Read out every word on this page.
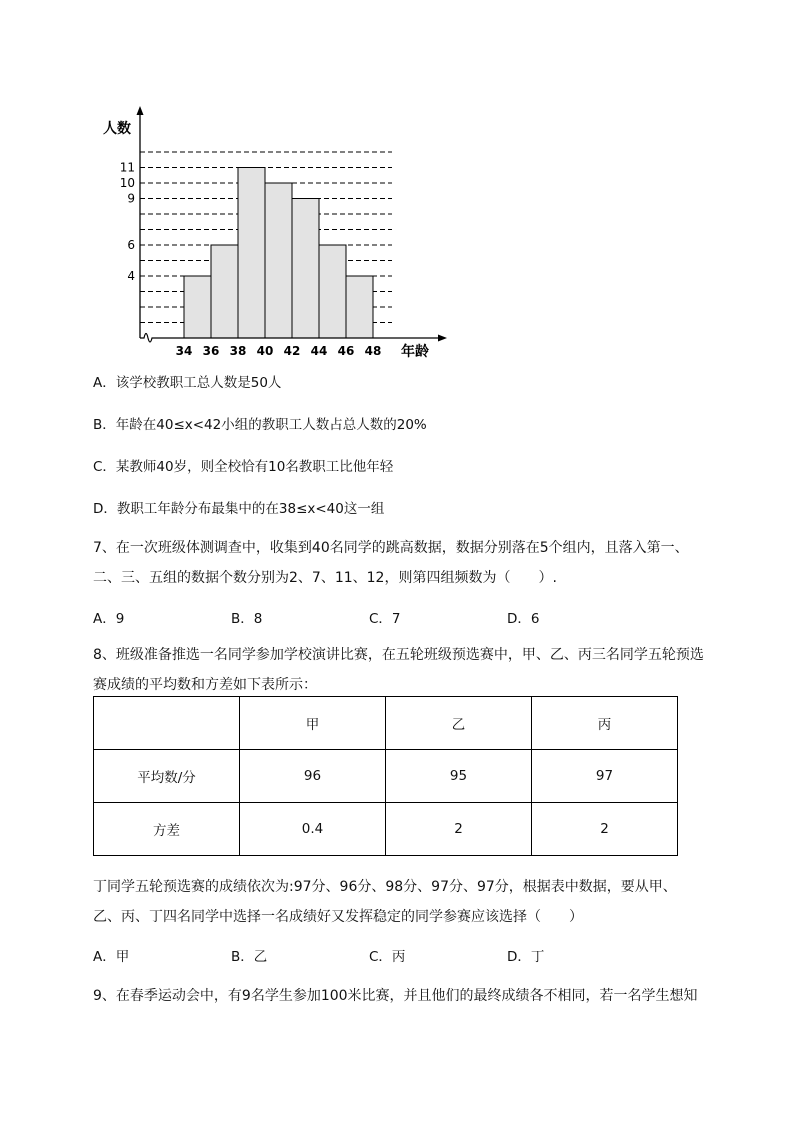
4
6
9
10
11
34 36 38 40 42 44 46 48
人数
年龄
A．该学校教职工总人数是50人
B．年龄在40≤x<42小组的教职工人数占总人数的20%
C．某教师40岁，则全校恰有10名教职工比他年轻
D．教职工年龄分布最集中的在38≤x<40这一组
7、在一次班级体测调查中，收集到40名同学的跳高数据，数据分别落在5个组内，且落入第一、
二、三、五组的数据个数分别为2、7、11、12，则第四组频数为（　　）.
A．9	B．8	C．7	D．6
8、班级准备推选一名同学参加学校演讲比赛，在五轮班级预选赛中，甲、乙、丙三名同学五轮预选
赛成绩的平均数和方差如下表所示：
	甲	乙	丙
平均数/分	96	95	97
方差	0.4	2	2
丁同学五轮预选赛的成绩依次为:97分、96分、98分、97分、97分，根据表中数据，要从甲、
乙、丙、丁四名同学中选择一名成绩好又发挥稳定的同学参赛应该选择（　　）
A．甲	B．乙	C．丙	D．丁
9、在春季运动会中，有9名学生参加100米比赛，并且他们的最终成绩各不相同，若一名学生想知
